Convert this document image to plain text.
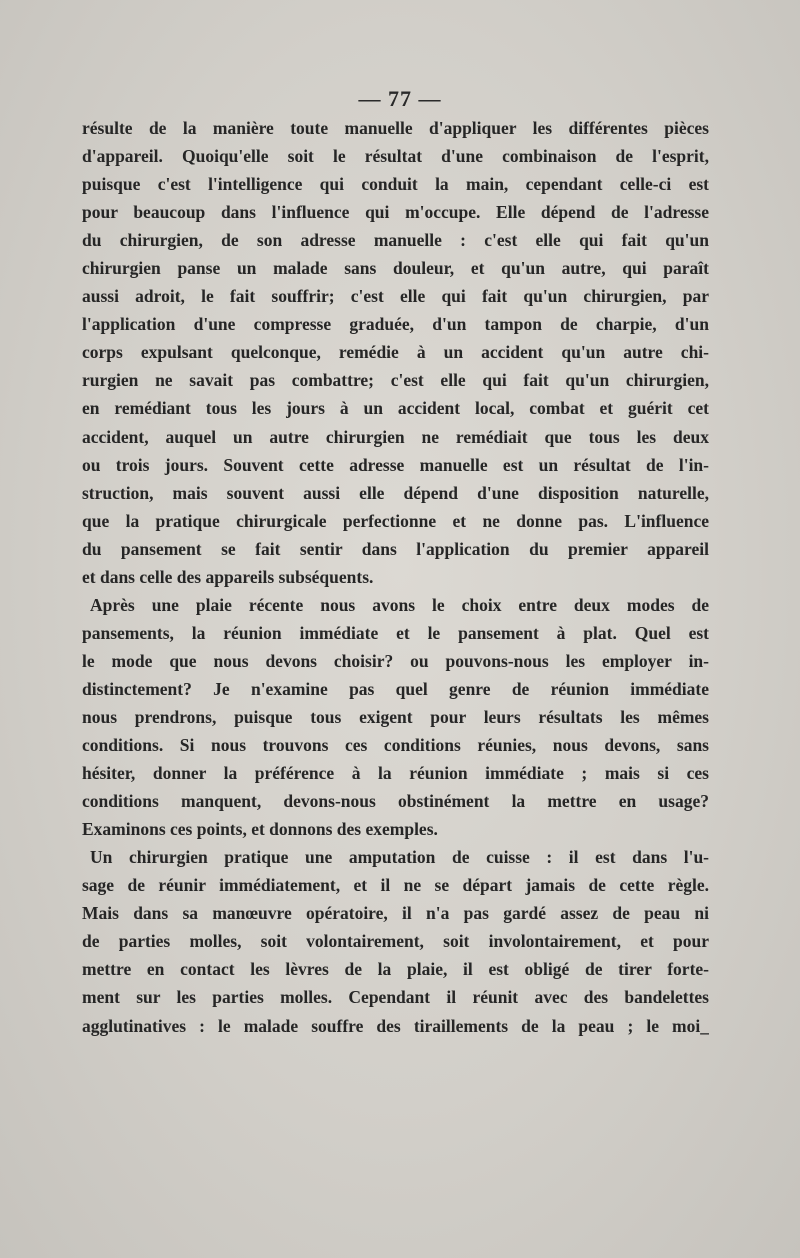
— 77 —
résulte de la manière toute manuelle d'appliquer les différentes pièces
d'appareil. Quoiqu'elle soit le résultat d'une combinaison de l'esprit,
puisque c'est l'intelligence qui conduit la main, cependant celle-ci est
pour beaucoup dans l'influence qui m'occupe. Elle dépend de l'adresse
du chirurgien, de son adresse manuelle : c'est elle qui fait qu'un
chirurgien panse un malade sans douleur, et qu'un autre, qui paraît
aussi adroit, le fait souffrir; c'est elle qui fait qu'un chirurgien, par
l'application d'une compresse graduée, d'un tampon de charpie, d'un
corps expulsant quelconque, remédie à un accident qu'un autre chi-
rurgien ne savait pas combattre; c'est elle qui fait qu'un chirurgien,
en remédiant tous les jours à un accident local, combat et guérit cet
accident, auquel un autre chirurgien ne remédiait que tous les deux
ou trois jours. Souvent cette adresse manuelle est un résultat de l'in-
struction, mais souvent aussi elle dépend d'une disposition naturelle,
que la pratique chirurgicale perfectionne et ne donne pas. L'influence
du pansement se fait sentir dans l'application du premier appareil
et dans celle des appareils subséquents.
Après une plaie récente nous avons le choix entre deux modes de
pansements, la réunion immédiate et le pansement à plat. Quel est
le mode que nous devons choisir? ou pouvons-nous les employer in-
distinctement? Je n'examine pas quel genre de réunion immédiate
nous prendrons, puisque tous exigent pour leurs résultats les mêmes
conditions. Si nous trouvons ces conditions réunies, nous devons, sans
hésiter, donner la préférence à la réunion immédiate ; mais si ces
conditions manquent, devons-nous obstinément la mettre en usage?
Examinons ces points, et donnons des exemples.
Un chirurgien pratique une amputation de cuisse : il est dans l'u-
sage de réunir immédiatement, et il ne se départ jamais de cette règle.
Mais dans sa manœuvre opératoire, il n'a pas gardé assez de peau ni
de parties molles, soit volontairement, soit involontairement, et pour
mettre en contact les lèvres de la plaie, il est obligé de tirer forte-
ment sur les parties molles. Cependant il réunit avec des bandelettes
agglutinatives : le malade souffre des tiraillements de la peau ; le moi_
